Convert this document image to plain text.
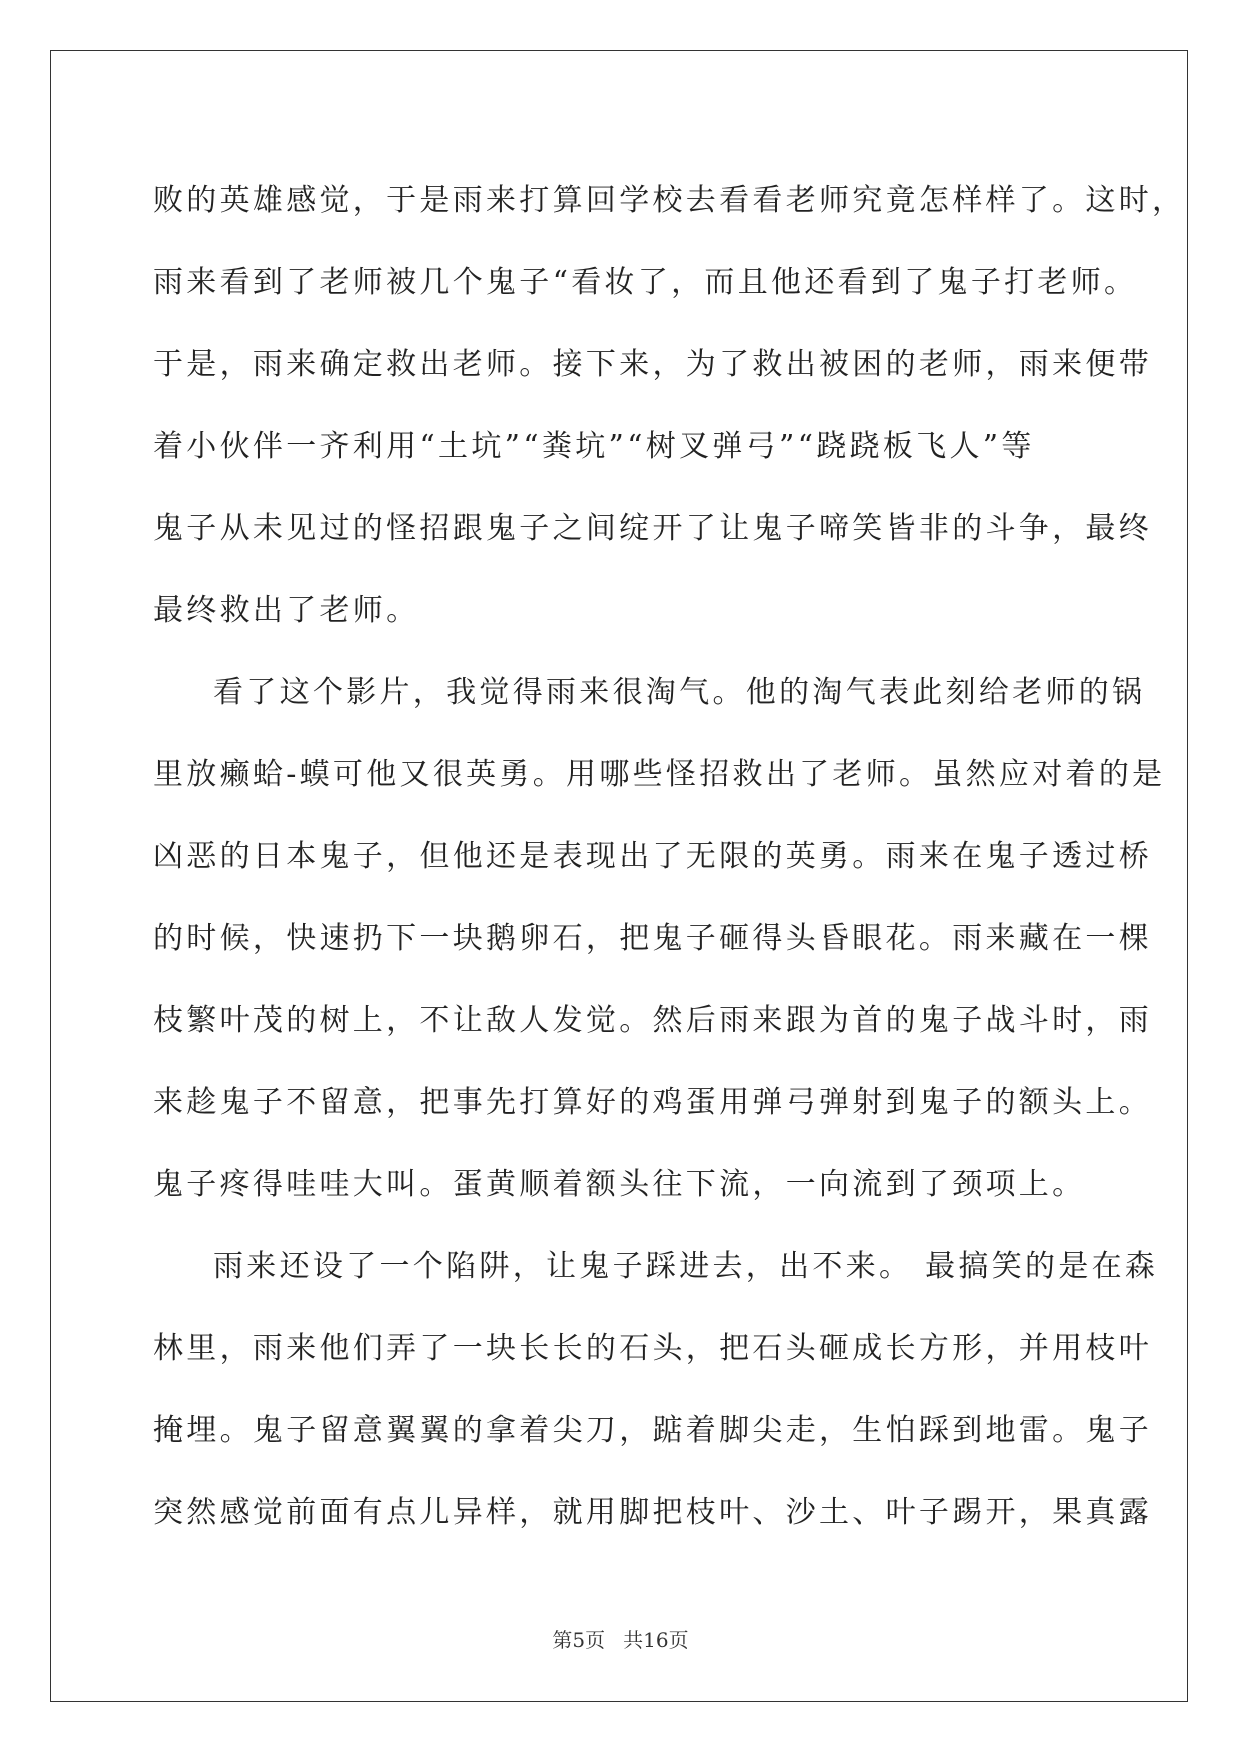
败的英雄感觉，于是雨来打算回学校去看看老师究竟怎样样了。这时，
雨来看到了老师被几个鬼子“看妆了，而且他还看到了鬼子打老师。
于是，雨来确定救出老师。接下来，为了救出被困的老师，雨来便带
着小伙伴一齐利用“土坑”“粪坑”“树叉弹弓”“跷跷板飞人”等
鬼子从未见过的怪招跟鬼子之间绽开了让鬼子啼笑皆非的斗争，最终
最终救出了老师。
看了这个影片，我觉得雨来很淘气。他的淘气表此刻给老师的锅
里放癞蛤-蟆可他又很英勇。用哪些怪招救出了老师。虽然应对着的是
凶恶的日本鬼子，但他还是表现出了无限的英勇。雨来在鬼子透过桥
的时候，快速扔下一块鹅卵石，把鬼子砸得头昏眼花。雨来藏在一棵
枝繁叶茂的树上，不让敌人发觉。然后雨来跟为首的鬼子战斗时，雨
来趁鬼子不留意，把事先打算好的鸡蛋用弹弓弹射到鬼子的额头上。
鬼子疼得哇哇大叫。蛋黄顺着额头往下流，一向流到了颈项上。
雨来还设了一个陷阱，让鬼子踩进去，出不来。 最搞笑的是在森
林里，雨来他们弄了一块长长的石头，把石头砸成长方形，并用枝叶
掩埋。鬼子留意翼翼的拿着尖刀，踮着脚尖走，生怕踩到地雷。鬼子
突然感觉前面有点儿异样，就用脚把枝叶、沙土、叶子踢开，果真露
第5页 共16页
